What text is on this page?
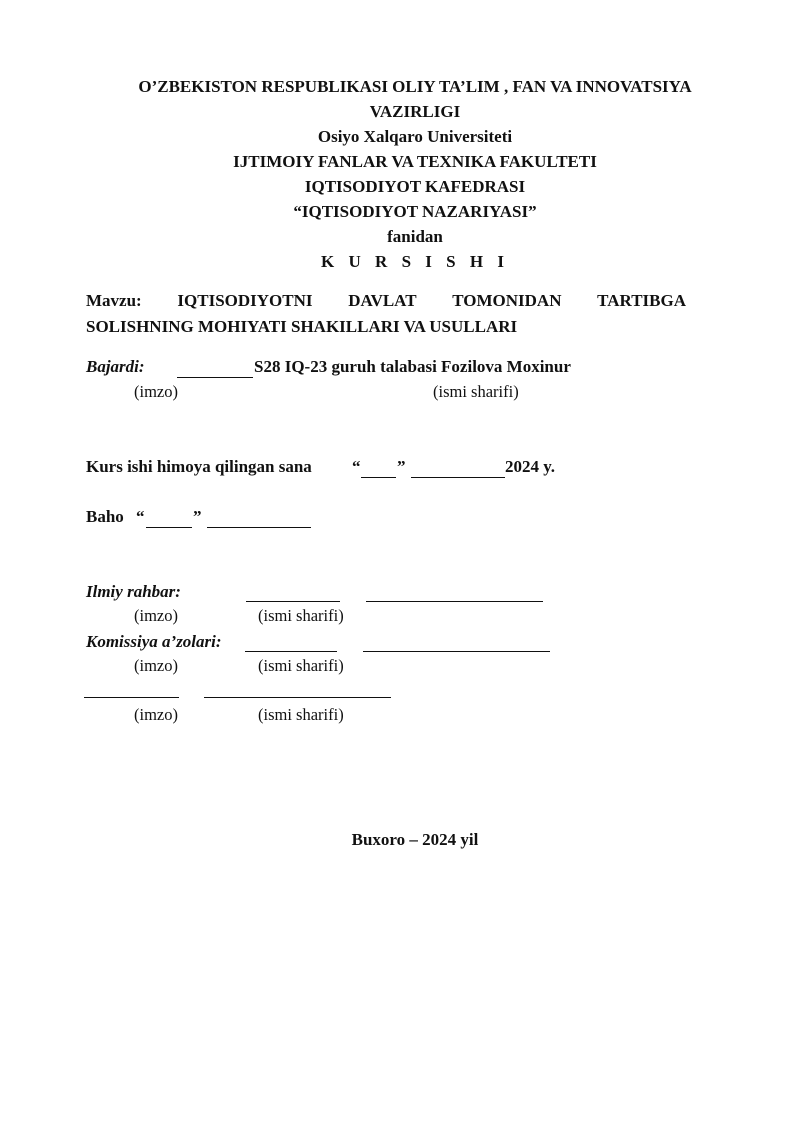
O’ZBEKISTON RESPUBLIKASI OLIY TA’LIM , FAN VA INNOVATSIYA
VAZIRLIGI
Osiyo Xalqaro Universiteti
IJTIMOIY FANLAR VA TEXNIKA FAKULTETI
IQTISODIYOT KAFEDRASI
“IQTISODIYOT NAZARIYASI”
fanidan
K U R S I S H I
Mavzu: IQTISODIYOTNI DAVLAT TOMONIDAN TARTIBGA
SOLISHNING MOHIYATI SHAKILLARI VA USULLARI
Bajardi:	S28 IQ-23 guruh talabasi Fozilova Moxinur
(imzo)	(ismi sharifi)
Kurs ishi himoya qilingan sana “ ”	2024 y.
Baho “	”
Ilmiy rahbar:
(imzo)	(ismi sharifi)
Komissiya a’zolari:
(imzo)	(ismi sharifi)
(imzo)	(ismi sharifi)
Buxoro – 2024 yil
